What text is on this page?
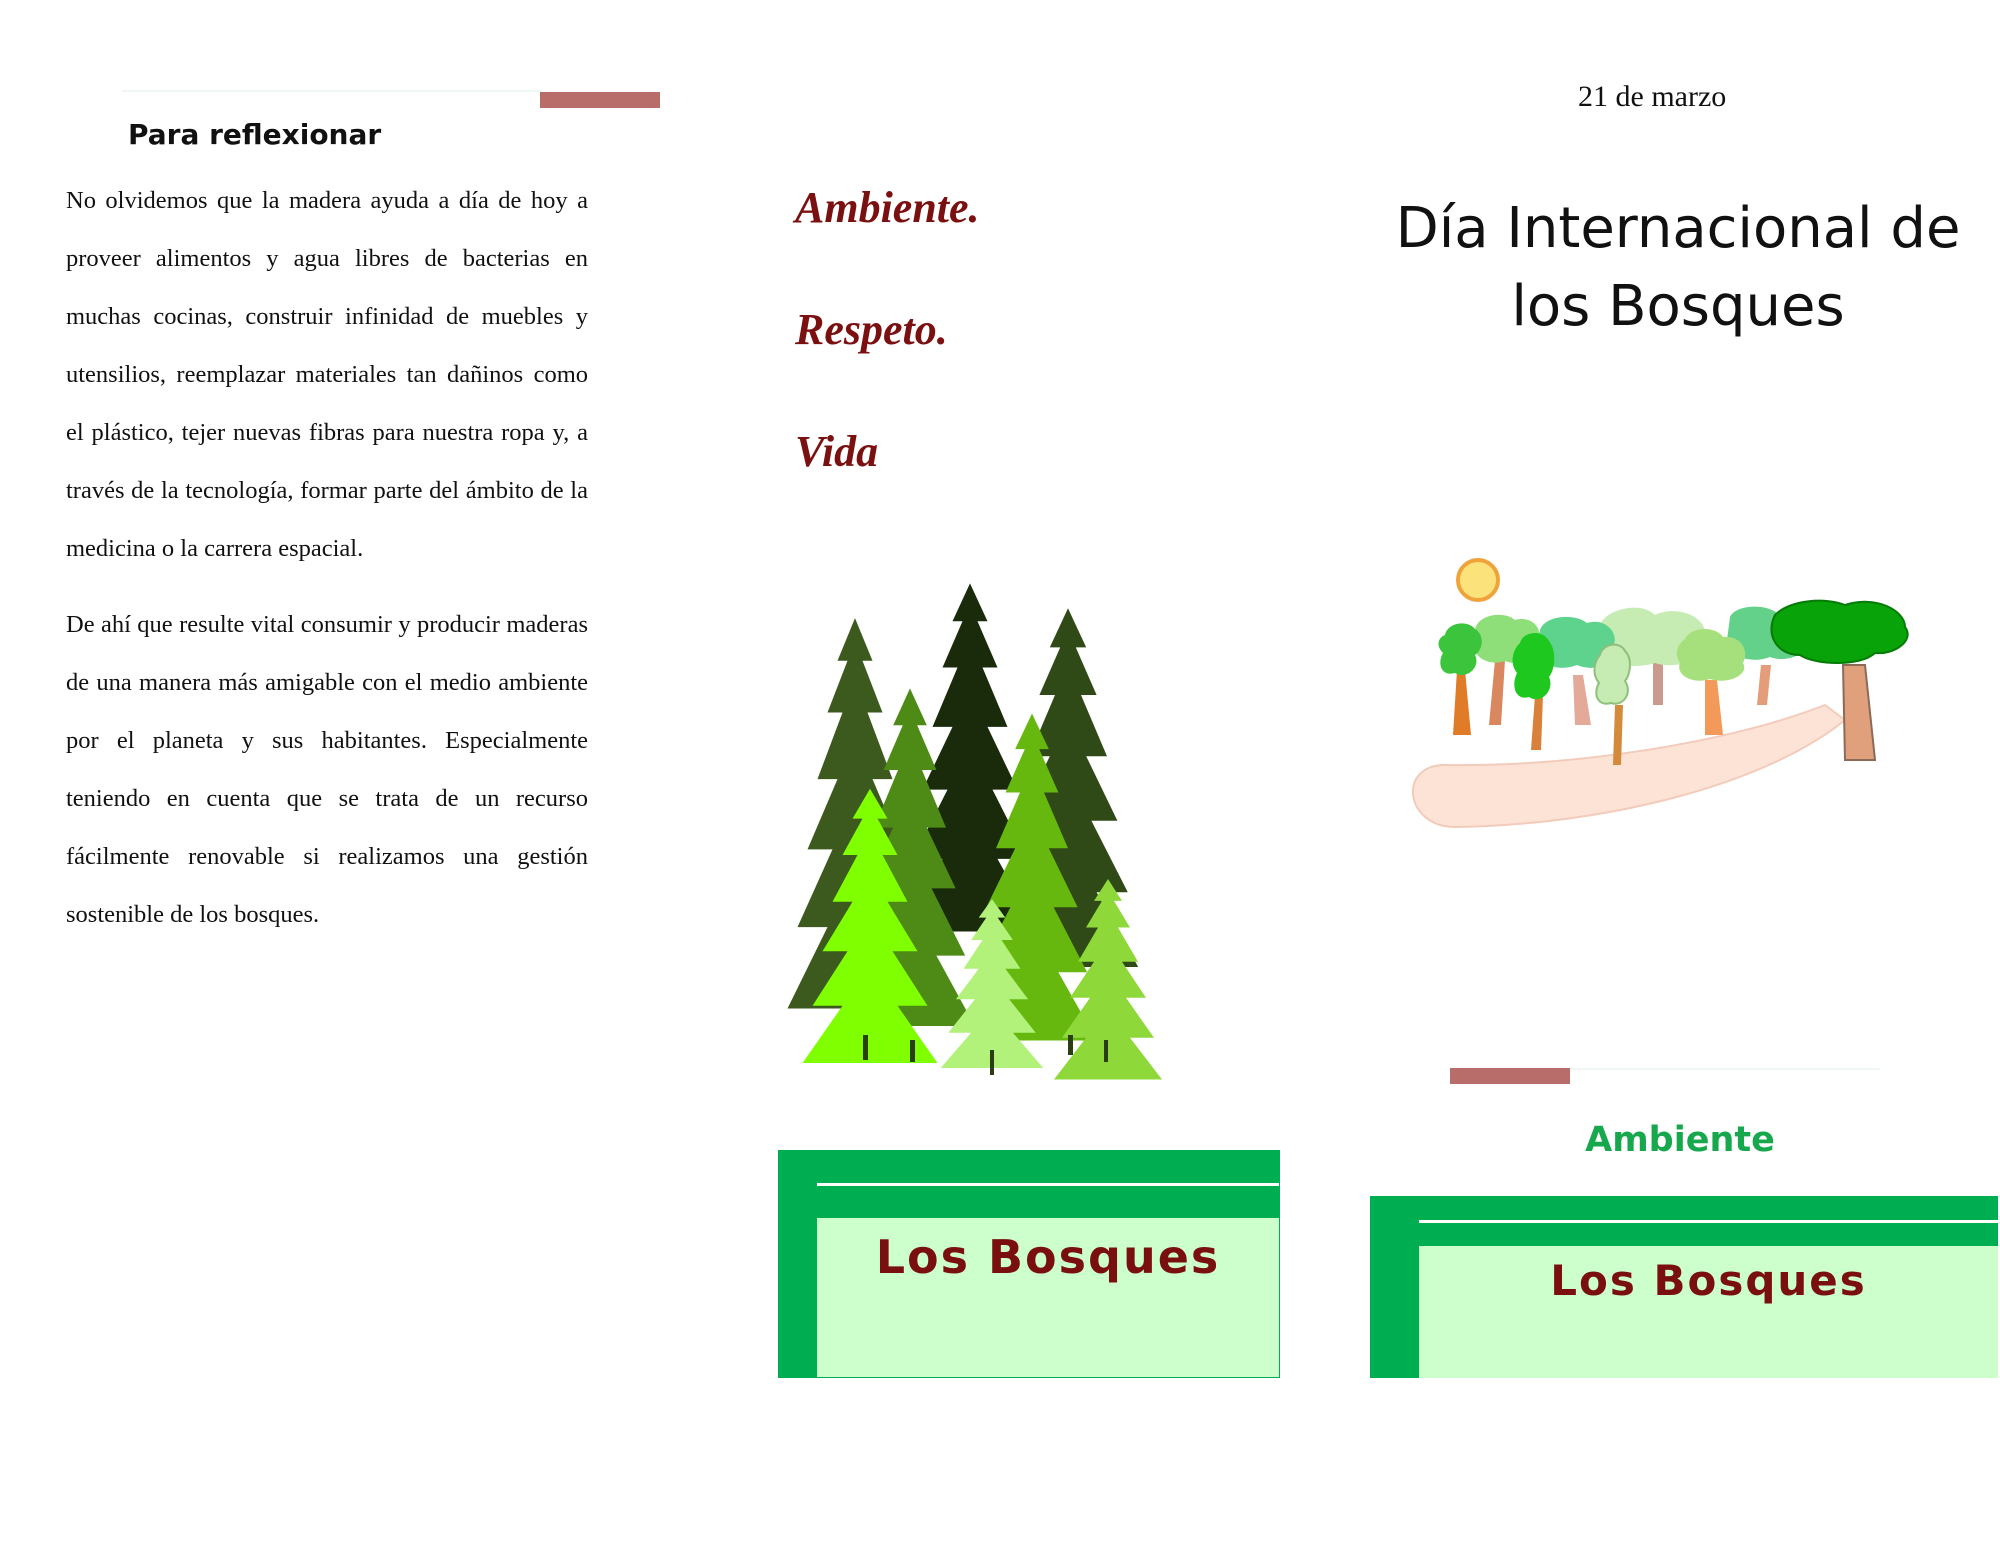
Para reflexionar

No olvidemos que la madera ayuda a día de hoy a proveer alimentos y agua libres de bacterias en muchas cocinas, construir infinidad de muebles y utensilios, reemplazar materiales tan dañinos como el plástico, tejer nuevas fibras para nuestra ropa y, a través de la tecnología, formar parte del ámbito de la medicina o la carrera espacial.

De ahí que resulte vital consumir y producir maderas de una manera más amigable con el medio ambiente por el planeta y sus habitantes. Especialmente teniendo en cuenta que se trata de un recurso fácilmente renovable si realizamos una gestión sostenible de los bosques.

Ambiente.
Respeto.
Vida
Los Bosques
21 de marzo
Día Internacional de
los Bosques
Ambiente
Los Bosques
